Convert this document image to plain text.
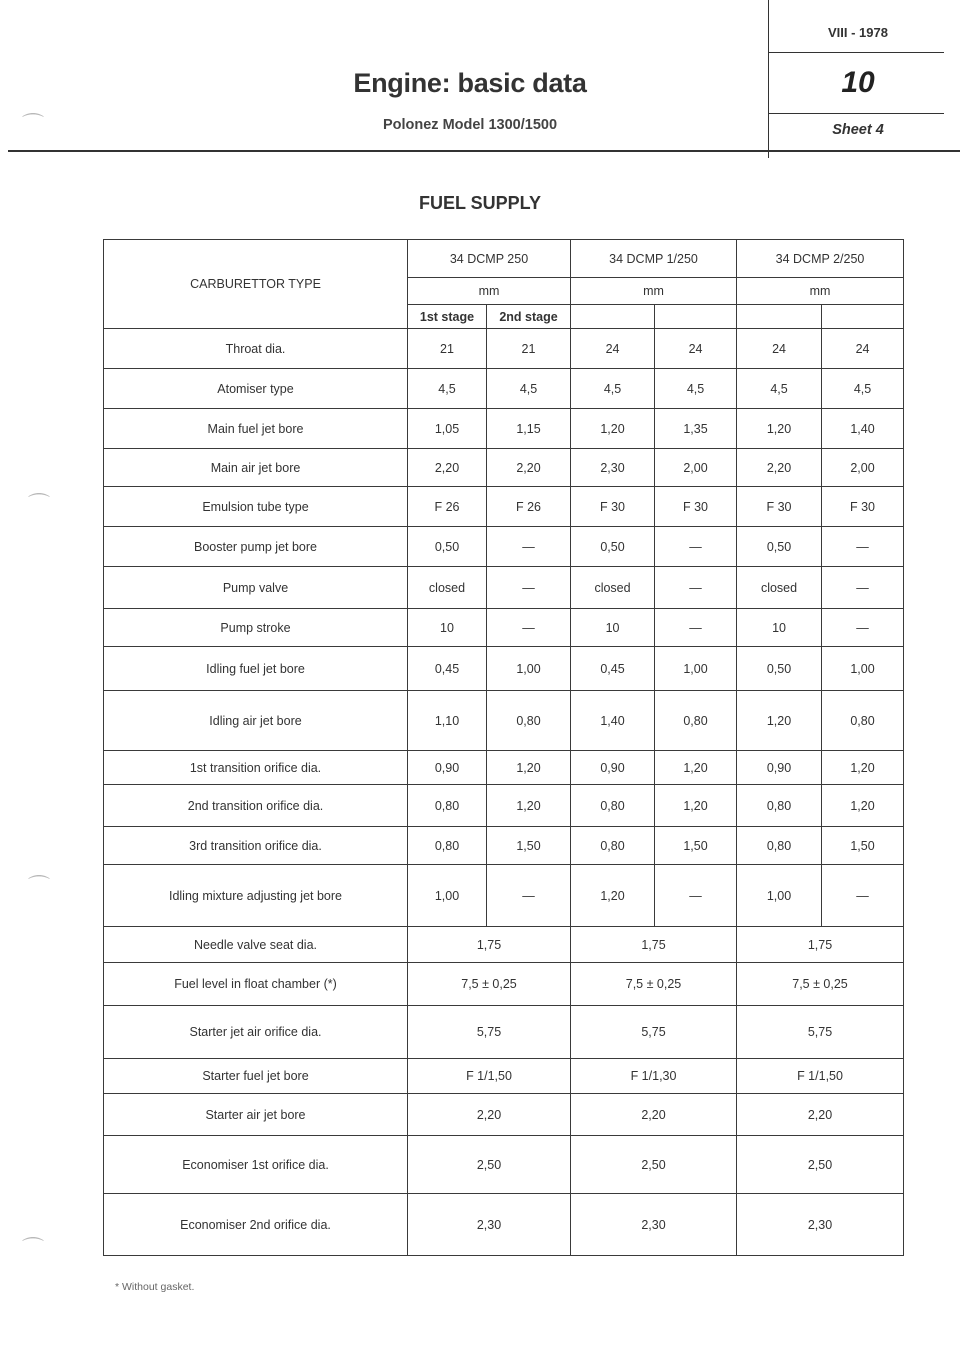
Engine: basic data
Polonez Model 1300/1500
VIII - 1978
10
Sheet 4
⌒
⌒
⌒
⌒
FUEL SUPPLY
CARBURETTOR TYPE	34 DCMP 250		34 DCMP 1/250		34 DCMP 2/250	
	mm		mm		mm	
	1st stage	2nd stage				
Throat dia.	21	21	24	24	24	24
Atomiser type	4,5	4,5	4,5	4,5	4,5	4,5
Main fuel jet bore	1,05	1,15	1,20	1,35	1,20	1,40
Main air jet bore	2,20	2,20	2,30	2,00	2,20	2,00
Emulsion tube type	F 26	F 26	F 30	F 30	F 30	F 30
Booster pump jet bore	0,50	—	0,50	—	0,50	—
Pump valve	closed	—	closed	—	closed	—
Pump stroke	10	—	10	—	10	—
Idling fuel jet bore	0,45	1,00	0,45	1,00	0,50	1,00
Idling air jet bore	1,10	0,80	1,40	0,80	1,20	0,80
1st transition orifice dia.	0,90	1,20	0,90	1,20	0,90	1,20
2nd transition orifice dia.	0,80	1,20	0,80	1,20	0,80	1,20
3rd transition orifice dia.	0,80	1,50	0,80	1,50	0,80	1,50
Idling mixture adjusting jet bore	1,00	—	1,20	—	1,00	—
Needle valve seat dia.	1,75		1,75		1,75	
Fuel level in float chamber (*)	7,5 ± 0,25		7,5 ± 0,25		7,5 ± 0,25	
Starter jet air orifice dia.	5,75		5,75		5,75	
Starter fuel jet bore	F 1/1,50		F 1/1,30		F 1/1,50	
Starter air jet bore	2,20		2,20		2,20	
Economiser 1st orifice dia.	2,50		2,50		2,50	
Economiser 2nd orifice dia.	2,30		2,30		2,30	
* Without gasket.
